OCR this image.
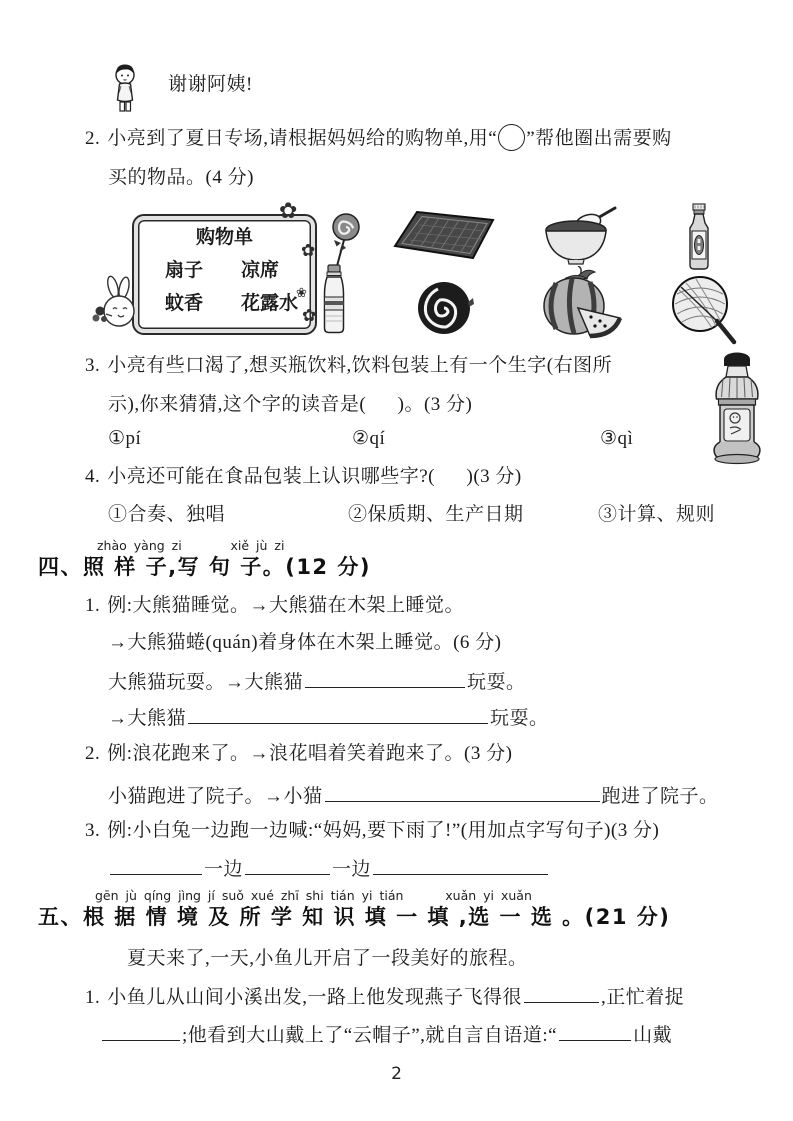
谢谢阿姨!
2. 小亮到了夏日专场,请根据妈妈给的购物单,用“ ”帮他圈出需要购
买的物品。(4 分)
购物单
扇子 凉席
蚊香 花露水
✿
✿
❀
✿
3. 小亮有些口渴了,想买瓶饮料,饮料包装上有一个生字(右图所
示),你来猜猜,这个字的读音是(      )。(3 分)
①pí	②qí	③qì
4. 小亮还可能在食品包装上认识哪些字?(      )(3 分)
①合奏、独唱	②保质期、生产日期	③计算、规则
zhào yàng zi       xiě jù zi
四、照 样 子,写 句 子。(12 分)
1. 例:大熊猫睡觉。→大熊猫在木架上睡觉。
→大熊猫蜷(quán)着身体在木架上睡觉。(6 分)
大熊猫玩耍。→大熊猫	玩耍。
→大熊猫	玩耍。
2. 例:浪花跑来了。→浪花唱着笑着跑来了。(3 分)
小猫跑进了院子。→小猫	跑进了院子。
3. 例:小白兔一边跑一边喊:“妈妈,要下雨了!”(用加点字写句子)(3 分)
一边	一边
gēn jù qíng jìng jí suǒ xué zhī shi tián yi tián      xuǎn yi xuǎn
五、根 据 情 境 及 所 学 知 识 填 一 填 ,选 一 选 。(21 分)
夏天来了,一天,小鱼儿开启了一段美好的旅程。
1. 小鱼儿从山间小溪出发,一路上他发现燕子飞得很	,正忙着捉
;他看到大山戴上了“云帽子”,就自言自语道:“	山戴
2
